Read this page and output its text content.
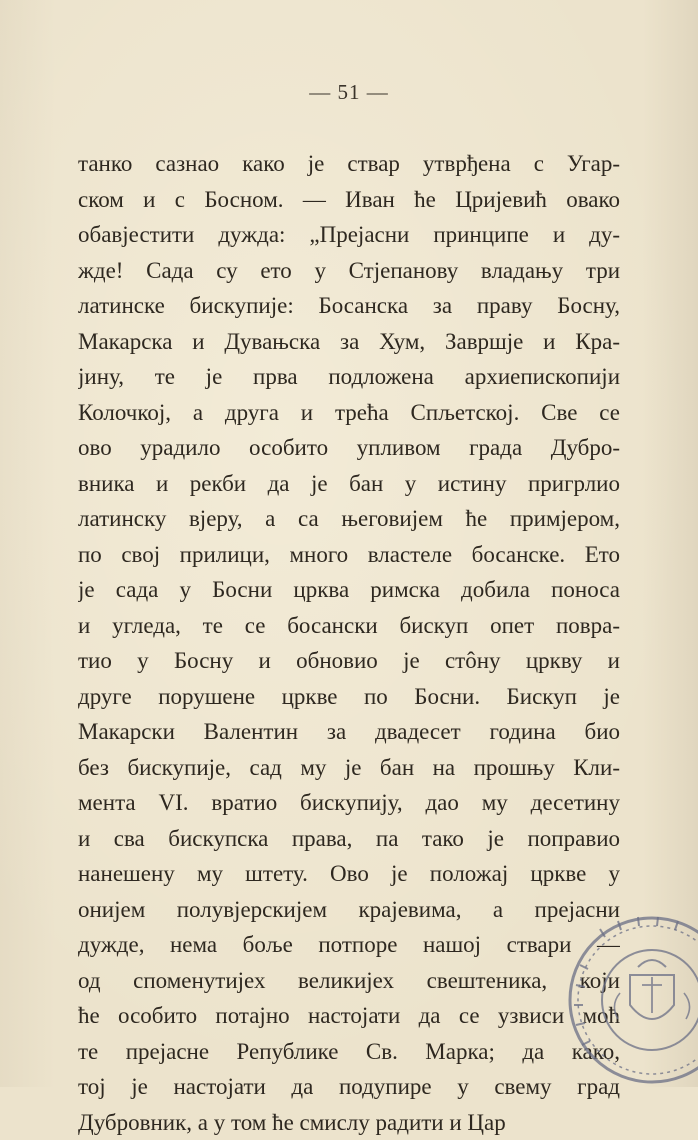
— 51 —
танко сазнао како је ствар утврђена с Угар-
ском и с Босном. — Иван ће Цријевић овако
обавјестити дужда: „Прејасни принципе и ду-
жде! Сада су ето у Стјепанову владању три
латинске бискупије: Босанска за праву Босну,
Макарска и Дувањска за Хум, Завршје и Кра-
јину, те је прва подложена архиепископији
Колочкој, а друга и трећа Спљетској. Све се
ово урадило особито упливом града Дубро-
вника и рекби да је бан у истину пригрлио
латинску вјеру, а са његовијем ће примјером,
по свој прилици, много властеле босанске. Ето
је сада у Босни црква римска добила поноса
и угледа, те се босански бискуп опет повра-
тио у Босну и обновио је стôну цркву и
друге порушене цркве по Босни. Бискуп је
Макарски Валентин за двадесет година био
без бискупије, сад му је бан на прошњу Кли-
мента VI. вратио бискупију, дао му десетину
и сва бискупска права, па тако је поправио
нанешену му штету. Ово је положај цркве у
онијем полувјерскијем крајевима, а прејасни
дужде, нема боље потпоре нашој ствари —
од споменутијех великијех свештеника, који
ће особито потајно настојати да се узвиси моћ
те прејасне Републике Св. Марка; да како,
тој је настојати да подупире у свему град
Дубровник, а у том ће смислу радити и Цар
